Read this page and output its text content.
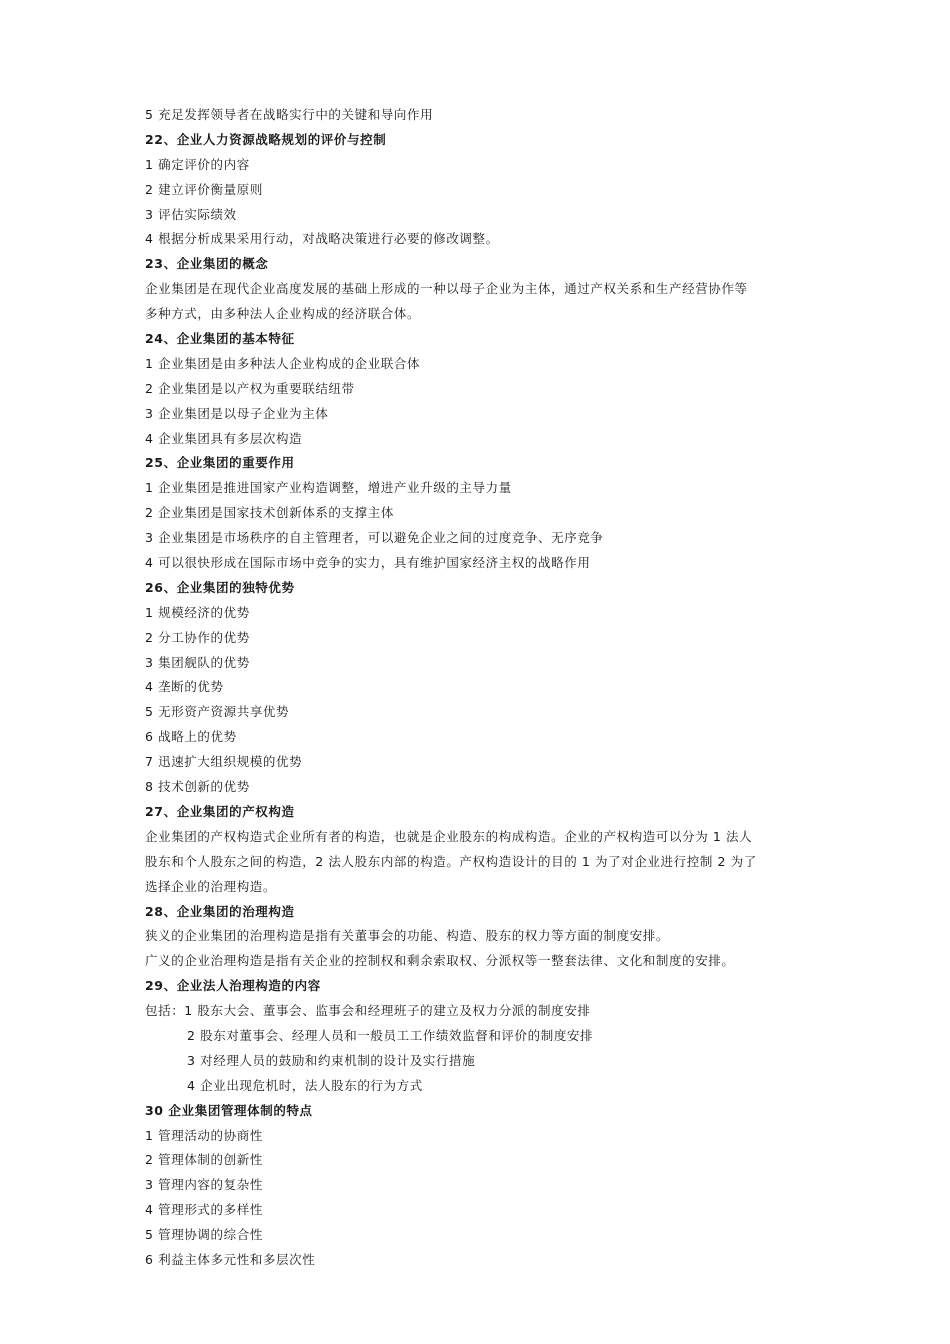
5 充足发挥领导者在战略实行中的关键和导向作用
22、企业人力资源战略规划的评价与控制
1 确定评价的内容
2 建立评价衡量原则
3 评估实际绩效
4 根据分析成果采用行动，对战略决策进行必要的修改调整。
23、企业集团的概念
企业集团是在现代企业高度发展的基础上形成的一种以母子企业为主体，通过产权关系和生产经营协作等
多种方式，由多种法人企业构成的经济联合体。
24、企业集团的基本特征
1 企业集团是由多种法人企业构成的企业联合体
2 企业集团是以产权为重要联结纽带
3 企业集团是以母子企业为主体
4 企业集团具有多层次构造
25、企业集团的重要作用
1 企业集团是推进国家产业构造调整，增进产业升级的主导力量
2 企业集团是国家技术创新体系的支撑主体
3 企业集团是市场秩序的自主管理者，可以避免企业之间的过度竞争、无序竞争
4 可以很快形成在国际市场中竞争的实力，具有维护国家经济主权的战略作用
26、企业集团的独特优势
1 规模经济的优势
2 分工协作的优势
3 集团舰队的优势
4 垄断的优势
5 无形资产资源共享优势
6 战略上的优势
7 迅速扩大组织规模的优势
8 技术创新的优势
27、企业集团的产权构造
企业集团的产权构造式企业所有者的构造，也就是企业股东的构成构造。企业的产权构造可以分为 1 法人
股东和个人股东之间的构造，2 法人股东内部的构造。产权构造设计的目的 1 为了对企业进行控制 2 为了
选择企业的治理构造。
28、企业集团的治理构造
狭义的企业集团的治理构造是指有关董事会的功能、构造、股东的权力等方面的制度安排。
广义的企业治理构造是指有关企业的控制权和剩余索取权、分派权等一整套法律、文化和制度的安排。
29、企业法人治理构造的内容
包括：1 股东大会、董事会、监事会和经理班子的建立及权力分派的制度安排
2 股东对董事会、经理人员和一般员工工作绩效监督和评价的制度安排
3 对经理人员的鼓励和约束机制的设计及实行措施
4 企业出现危机时，法人股东的行为方式
30 企业集团管理体制的特点
1 管理活动的协商性
2 管理体制的创新性
3 管理内容的复杂性
4 管理形式的多样性
5 管理协调的综合性
6 利益主体多元性和多层次性
